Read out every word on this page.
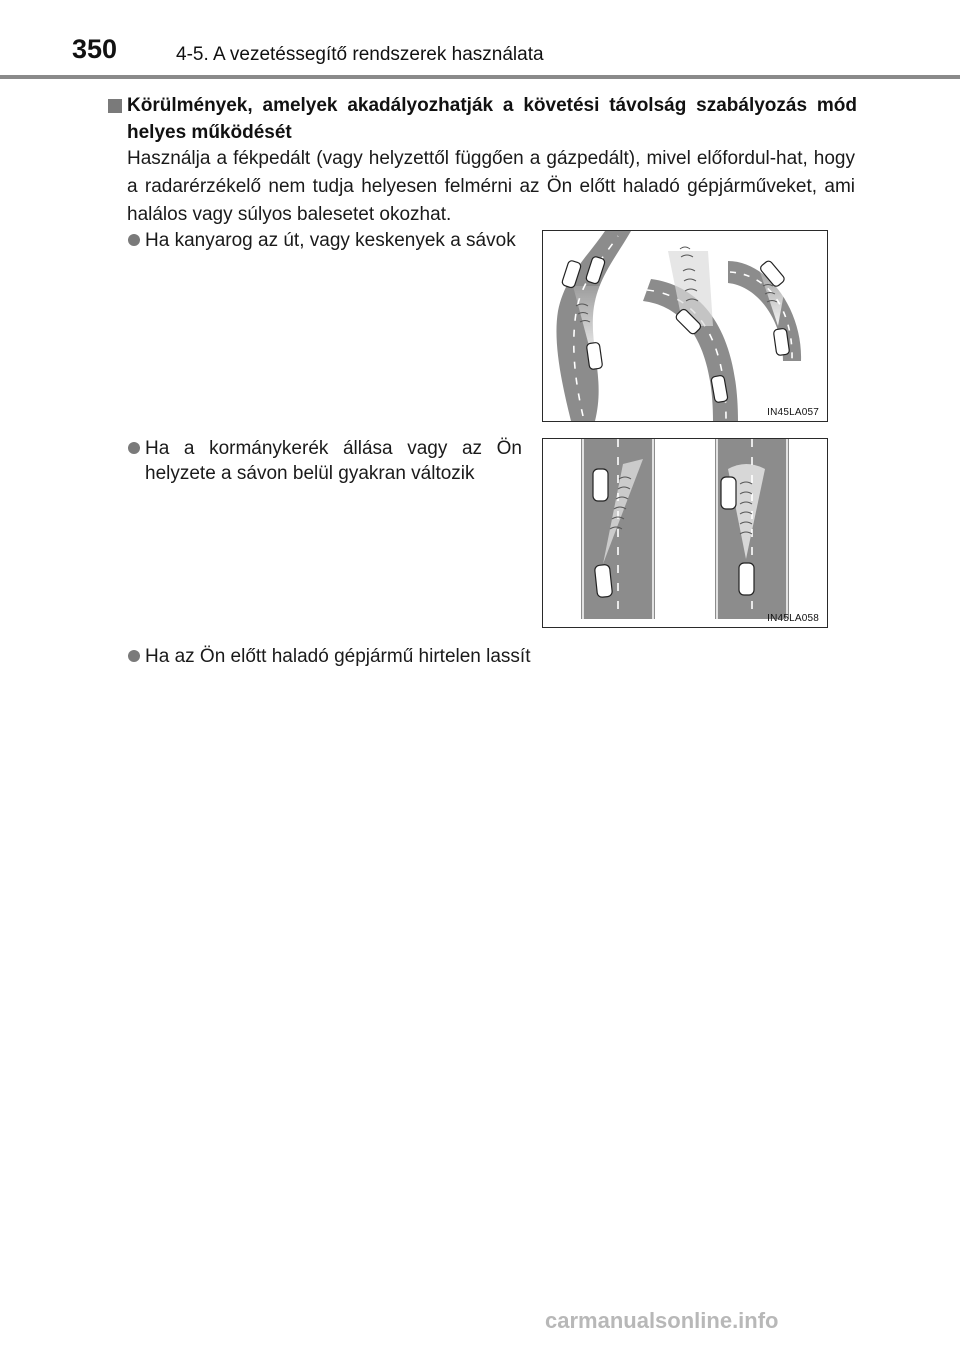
350	4-5. A vezetéssegítő rendszerek használata
Körülmények, amelyek akadályozhatják a követési távolság szabályozás mód helyes működését
Használja a fékpedált (vagy helyzettől függően a gázpedált), mivel előfordul-hat, hogy a radarérzékelő nem tudja helyesen felmérni az Ön előtt haladó gépjárműveket, ami halálos vagy súlyos balesetet okozhat.
Ha kanyarog az út, vagy keskenyek a sávok
Ha a kormánykerék állása vagy az Ön helyzete a sávon belül gyakran változik
Ha az Ön előtt haladó gépjármű hirtelen lassít
IN45LA057
IN45LA058
carmanualsonline.info
